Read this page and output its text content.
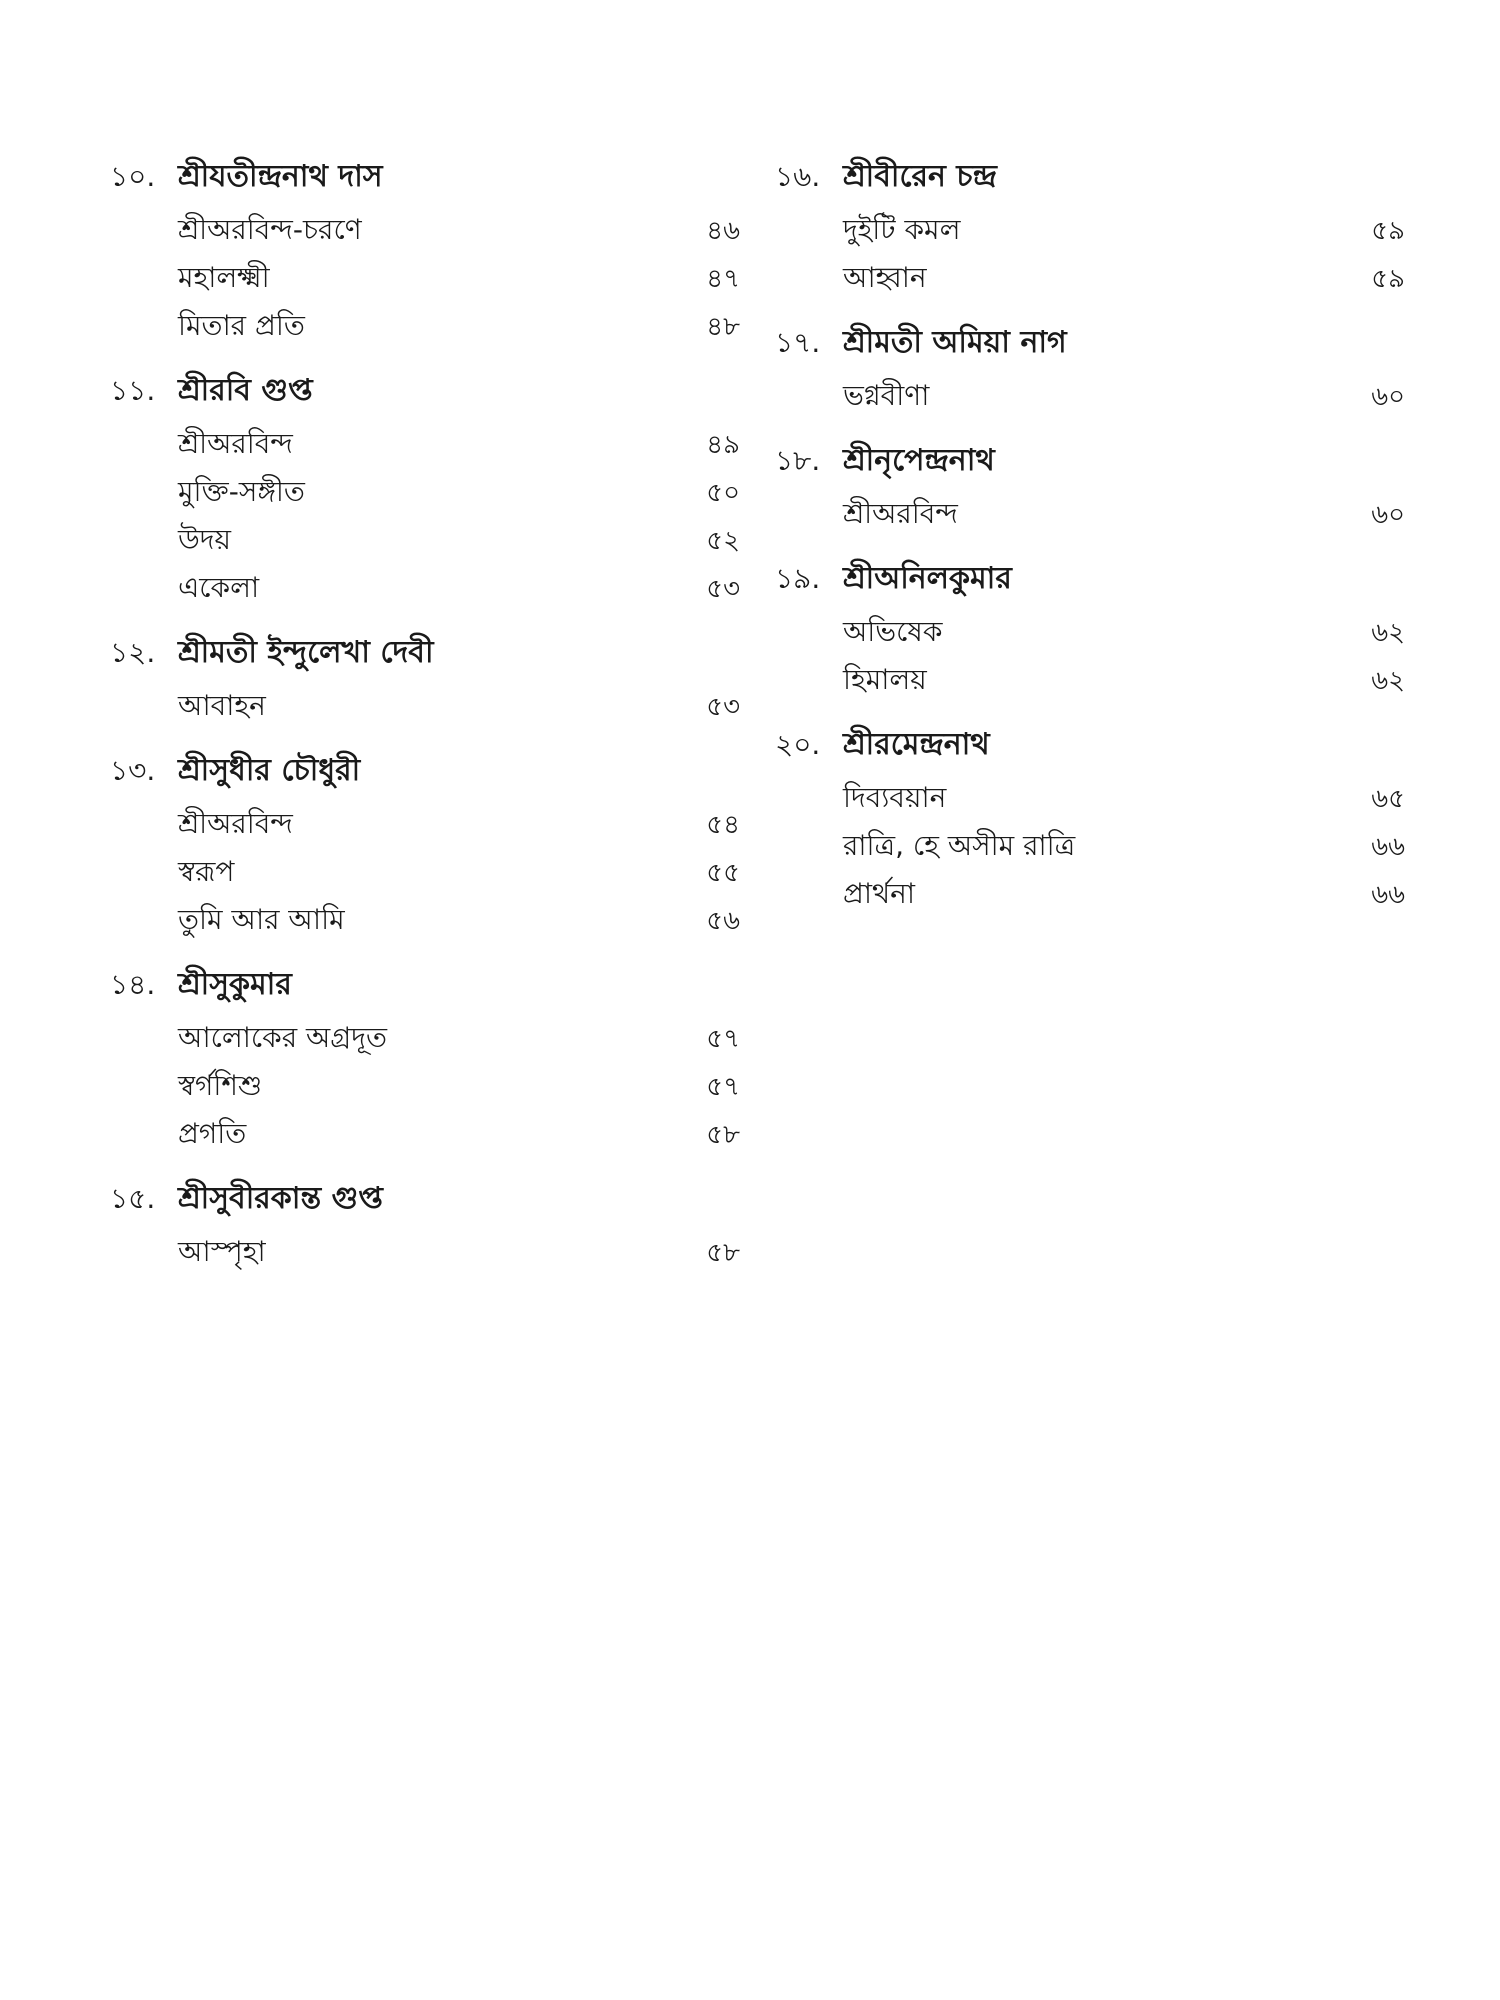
১০. শ্রীযতীন্দ্রনাথ দাস
শ্রীঅরবিন্দ-চরণে	৪৬
মহালক্ষ্মী	৪৭
মিতার প্রতি	৪৮
১১. শ্রীরবি গুপ্ত
শ্রীঅরবিন্দ	৪৯
মুক্তি-সঙ্গীত	৫০
উদয়	৫২
একেলা	৫৩
১২. শ্রীমতী ইন্দুলেখা দেবী
আবাহন	৫৩
১৩. শ্রীসুধীর চৌধুরী
শ্রীঅরবিন্দ	৫৪
স্বরূপ	৫৫
তুমি আর আমি	৫৬
১৪. শ্রীসুকুমার
আলোকের অগ্রদূত	৫৭
স্বর্গশিশু	৫৭
প্রগতি	৫৮
১৫. শ্রীসুবীরকান্ত গুপ্ত
আস্পৃহা	৫৮
১৬. শ্রীবীরেন চন্দ্র
দুইটি কমল	৫৯
আহ্বান	৫৯
১৭. শ্রীমতী অমিয়া নাগ
ভগ্নবীণা	৬০
১৮. শ্রীনৃপেন্দ্রনাথ
শ্রীঅরবিন্দ	৬০
১৯. শ্রীঅনিলকুমার
অভিষেক	৬২
হিমালয়	৬২
২০. শ্রীরমেন্দ্রনাথ
দিব্যবয়ান	৬৫
রাত্রি, হে অসীম রাত্রি	৬৬
প্রার্থনা	৬৬
